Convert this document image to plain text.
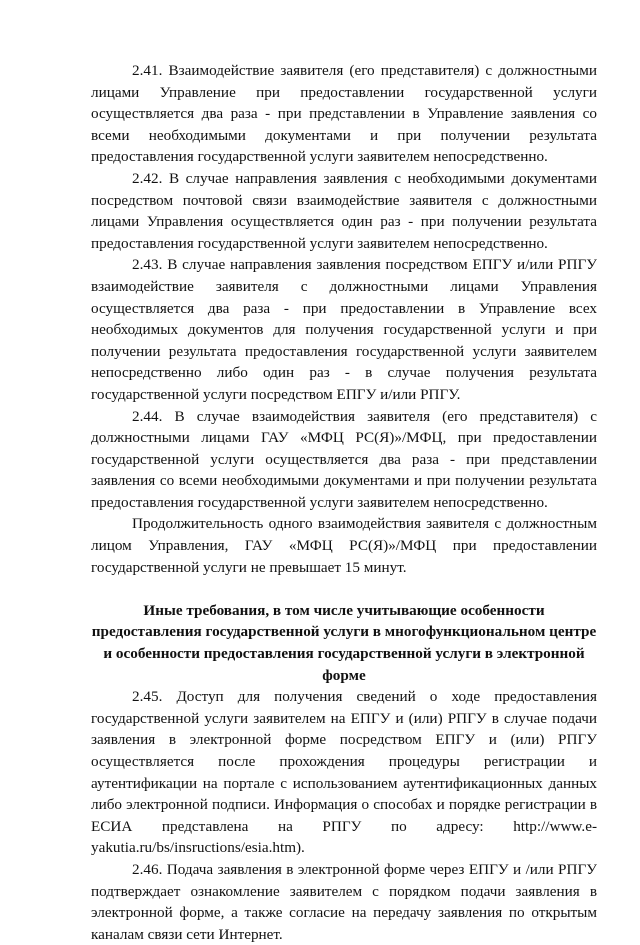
2.41. Взаимодействие заявителя (его представителя) с должностными лицами Управление при предоставлении государственной услуги осуществляется два раза - при представлении в Управление заявления со всеми необходимыми документами и при получении результата предоставления государственной услуги заявителем непосредственно.

2.42. В случае направления заявления с необходимыми документами посредством почтовой связи взаимодействие заявителя с должностными лицами Управления осуществляется один раз - при получении результата предоставления государственной услуги заявителем непосредственно.

2.43. В случае направления заявления посредством ЕПГУ и/или РПГУ взаимодействие заявителя с должностными лицами Управления осуществляется два раза - при предоставлении в Управление всех необходимых документов для получения государственной услуги и при получении результата предоставления государственной услуги заявителем непосредственно либо один раз - в случае получения результата государственной услуги посредством ЕПГУ и/или РПГУ.

2.44. В случае взаимодействия заявителя (его представителя) с должностными лицами ГАУ «МФЦ РС(Я)»/МФЦ, при предоставлении государственной услуги осуществляется два раза - при представлении заявления со всеми необходимыми документами и при получении результата предоставления государственной услуги заявителем непосредственно.

Продолжительность одного взаимодействия заявителя с должностным лицом Управления, ГАУ «МФЦ РС(Я)»/МФЦ при предоставлении государственной услуги не превышает 15 минут.

Иные требования, в том числе учитывающие особенности предоставления государственной услуги в многофункциональном центре и особенности предоставления государственной услуги в электронной форме

2.45. Доступ для получения сведений о ходе предоставления государственной услуги заявителем на ЕПГУ и (или) РПГУ в случае подачи заявления в электронной форме посредством ЕПГУ и (или) РПГУ осуществляется после прохождения процедуры регистрации и аутентификации на портале с использованием аутентификационных данных либо электронной подписи. Информация о способах и порядке регистрации в ЕСИА представлена на РПГУ по адресу: http://www.e-yakutia.ru/bs/insructions/esia.htm).

2.46. Подача заявления в электронной форме через ЕПГУ и /или РПГУ подтверждает ознакомление заявителем с порядком подачи заявления в электронной форме, а также согласие на передачу заявления по открытым каналам связи сети Интернет.
